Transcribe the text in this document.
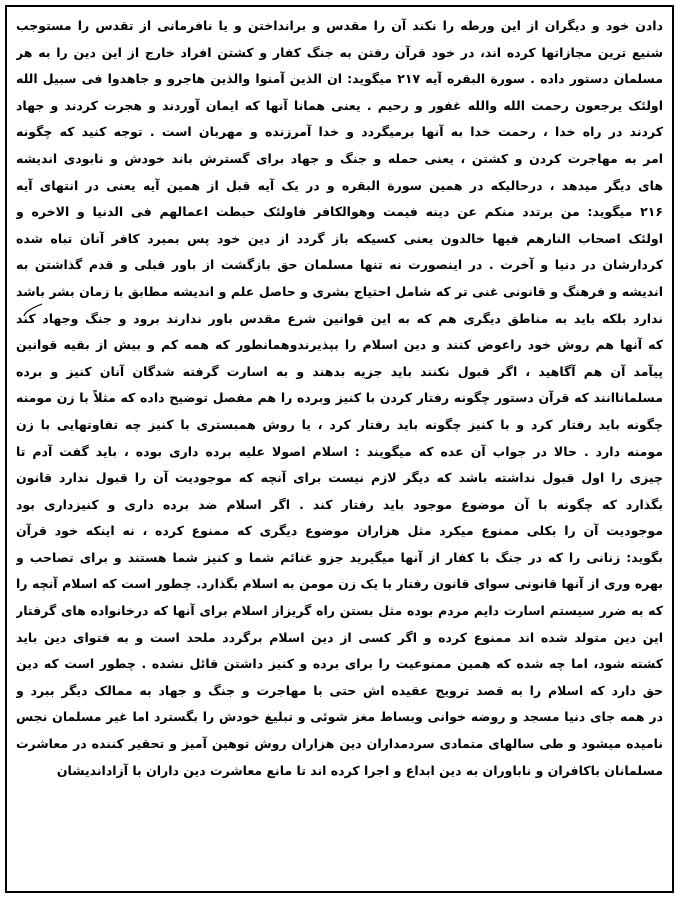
دادن خود و دیگران از این ورطه را نکند آن را مقدس و برانداختن و یا نافرمانی از تقدس را مستوجب
شنیع ترین مجازاتها کرده اند، در خود قرآن رفتن به جنگ کفار و کشتن افراد خارج از این دین را به هر
مسلمان دستور داده . سورة البقره آیه ۲۱۷ میگوید: ان الذین آمنوا والذین هاجرو و جاهدوا فی سبیل الله
اولئک یرجعون رحمت الله والله غفور و رحیم . یعنی همانا آنها که ایمان آوردند و هجرت کردند و جهاد
کردند در راه خدا ، رحمت خدا به آنها برمیگردد و خدا آمرزنده و مهربان است . توجه کنید که چگونه
امر به مهاجرت کردن و کشتن ، یعنی حمله و جنگ و جهاد برای گسترش باند خودش و نابودی اندیشه
های دیگر میدهد ، درحالیکه در همین سورة البقره و در یک آیه قبل از همین آیه یعنی در انتهای آیه
۲۱۶ میگوید: من یرتدد منکم عن دینه فیمت وهوالکافر فاولئک حبطت اعمالهم فی الدنیا و الاخره و
اولئک اصحاب النارهم فیها خالدون یعنی کسیکه باز گردد از دین خود پس بمیرد کافر آنان تباه شده
کردارشان در دنیا و آخرت . در اینصورت نه تنها مسلمان حق بازگشت از باور قبلی و قدم گذاشتن به
اندیشه و فرهنگ و قانونی غنی تر که شامل احتیاج بشری و حاصل علم و اندیشه مطابق با زمان بشر باشد
ندارد بلکه باید به مناطق دیگری هم که به این قوانین شرع مقدس باور ندارند برود و جنگ وجهاد کند
که آنها هم روش خود راعوض کنند و دین اسلام را بپذیرندوهمانطور که همه کم و بیش از بقیه قوانین
پیآمد آن هم آگاهید ، اگر قبول نکنند باید جزیه بدهند و به اسارت گرفته شدگان آنان کنیز و برده
مسلماناانند که قرآن دستور چگونه رفتار کردن با کنیز وبرده را هم مفصل توضیح داده که مثلاً با زن مومنه
چگونه باید رفتار کرد و با کنیز چگونه باید رفتار کرد ، یا روش همبستری با کنیز چه تفاوتهایی با زن
مومنه دارد . حالا در جواب آن عده که میگویند : اسلام اصولا علیه برده داری بوده ، باید گفت آدم تا
چیزی را اول قبول نداشته باشد که دیگر لازم نیست برای آنچه که موجودیت آن را قبول ندارد قانون
بگذارد که چگونه با آن موضوع موجود باید رفتار کند . اگر اسلام ضد برده داری و کنیزداری بود
موجودیت آن را بکلی ممنوع میکرد مثل هزاران موضوع دیگری که ممنوع کرده ، نه اینکه خود قرآن
بگوید: زنانی را که در جنگ با کفار از آنها میگیرید جزو غنائم شما و کنیز شما هستند و برای تصاحب و
بهره وری از آنها قانونی سوای قانون رفتار با یک زن مومن به اسلام بگذارد. چطور است که اسلام آنچه را
که به ضرر سیستم اسارت دایم مردم بوده مثل بستن راه گریزاز اسلام برای آنها که درخانواده های گرفتار
این دین متولد شده اند ممنوع کرده و اگر کسی از دین اسلام برگردد ملحد است و به فتوای دین باید
کشته شود، اما چه شده که همین ممنوعیت را برای برده و کنیز داشتن قائل نشده . چطور است که دین
حق دارد که اسلام را به قصد ترویج عقیده اش حتی با مهاجرت و جنگ و جهاد به ممالک دیگر ببرد و
در همه جای دنیا مسجد و روضه خوانی وبساط مغز شوئی و تبلیغ خودش را بگسترد اما غیر مسلمان نجس
نامیده میشود و طی سالهای متمادی سردمداران دین هزاران روش توهین آمیز و تحقیر کننده در معاشرت
مسلمانان باکافران و ناباوران به دین ابداع و اجرا کرده اند تا مانع معاشرت دین داران با آزاداندیشان
